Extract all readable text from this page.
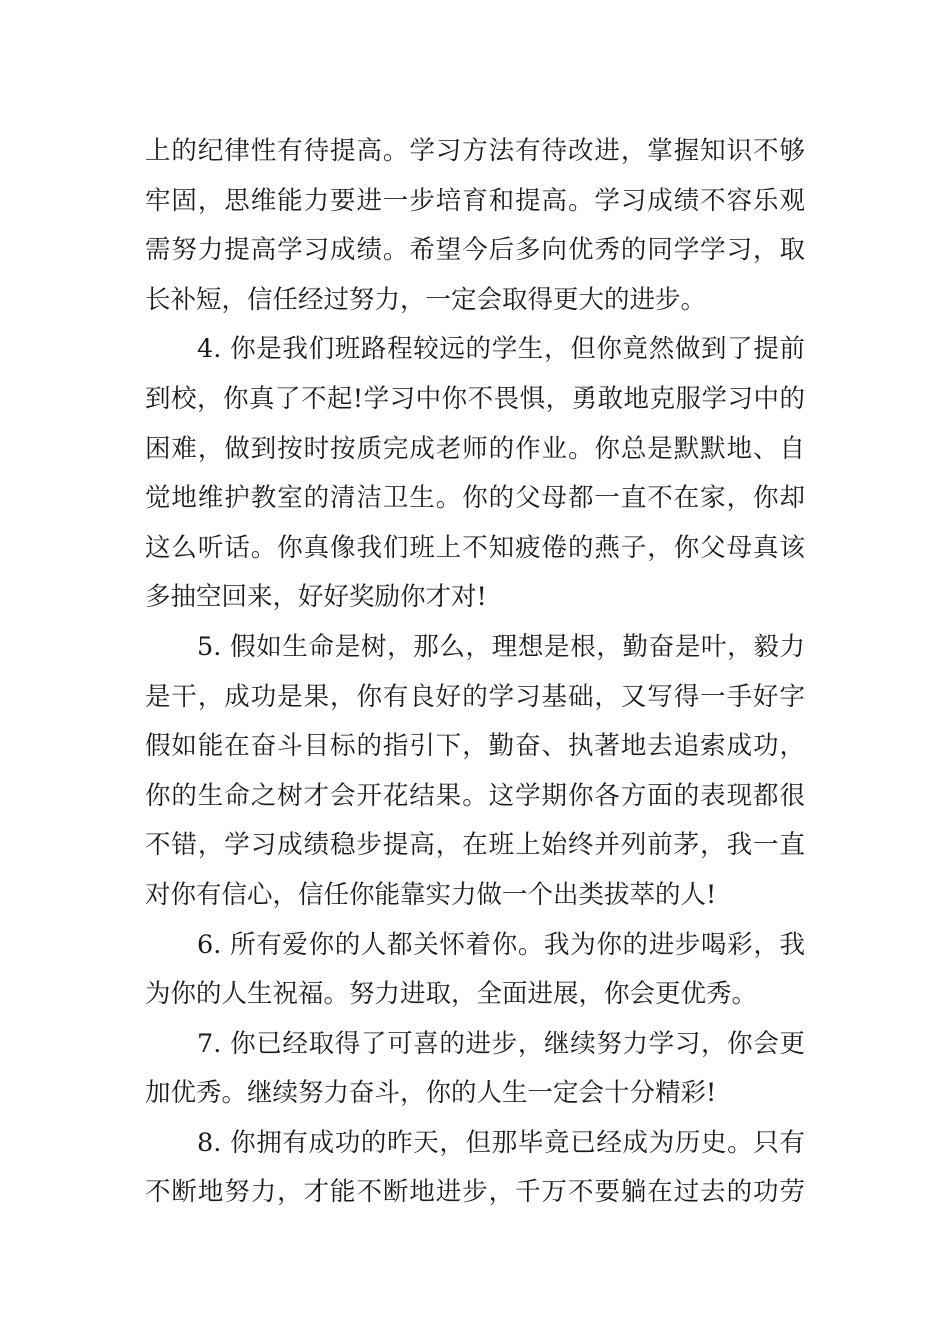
上的纪律性有待提高。学习方法有待改进，掌握知识不够
牢固，思维能力要进一步培育和提高。学习成绩不容乐观
需努力提高学习成绩。希望今后多向优秀的同学学习，取
长补短，信任经过努力，一定会取得更大的进步。
4. 你是我们班路程较远的学生，但你竟然做到了提前
到校，你真了不起!学习中你不畏惧，勇敢地克服学习中的
困难，做到按时按质完成老师的作业。你总是默默地、自
觉地维护教室的清洁卫生。你的父母都一直不在家，你却
这么听话。你真像我们班上不知疲倦的燕子，你父母真该
多抽空回来，好好奖励你才对!
5. 假如生命是树，那么，理想是根，勤奋是叶，毅力
是干，成功是果，你有良好的学习基础，又写得一手好字
假如能在奋斗目标的指引下，勤奋、执著地去追索成功，
你的生命之树才会开花结果。这学期你各方面的表现都很
不错，学习成绩稳步提高，在班上始终并列前茅，我一直
对你有信心，信任你能靠实力做一个出类拔萃的人!
6. 所有爱你的人都关怀着你。我为你的进步喝彩，我
为你的人生祝福。努力进取，全面进展，你会更优秀。
7. 你已经取得了可喜的进步，继续努力学习，你会更
加优秀。继续努力奋斗，你的人生一定会十分精彩!
8. 你拥有成功的昨天，但那毕竟已经成为历史。只有
不断地努力，才能不断地进步，千万不要躺在过去的功劳
